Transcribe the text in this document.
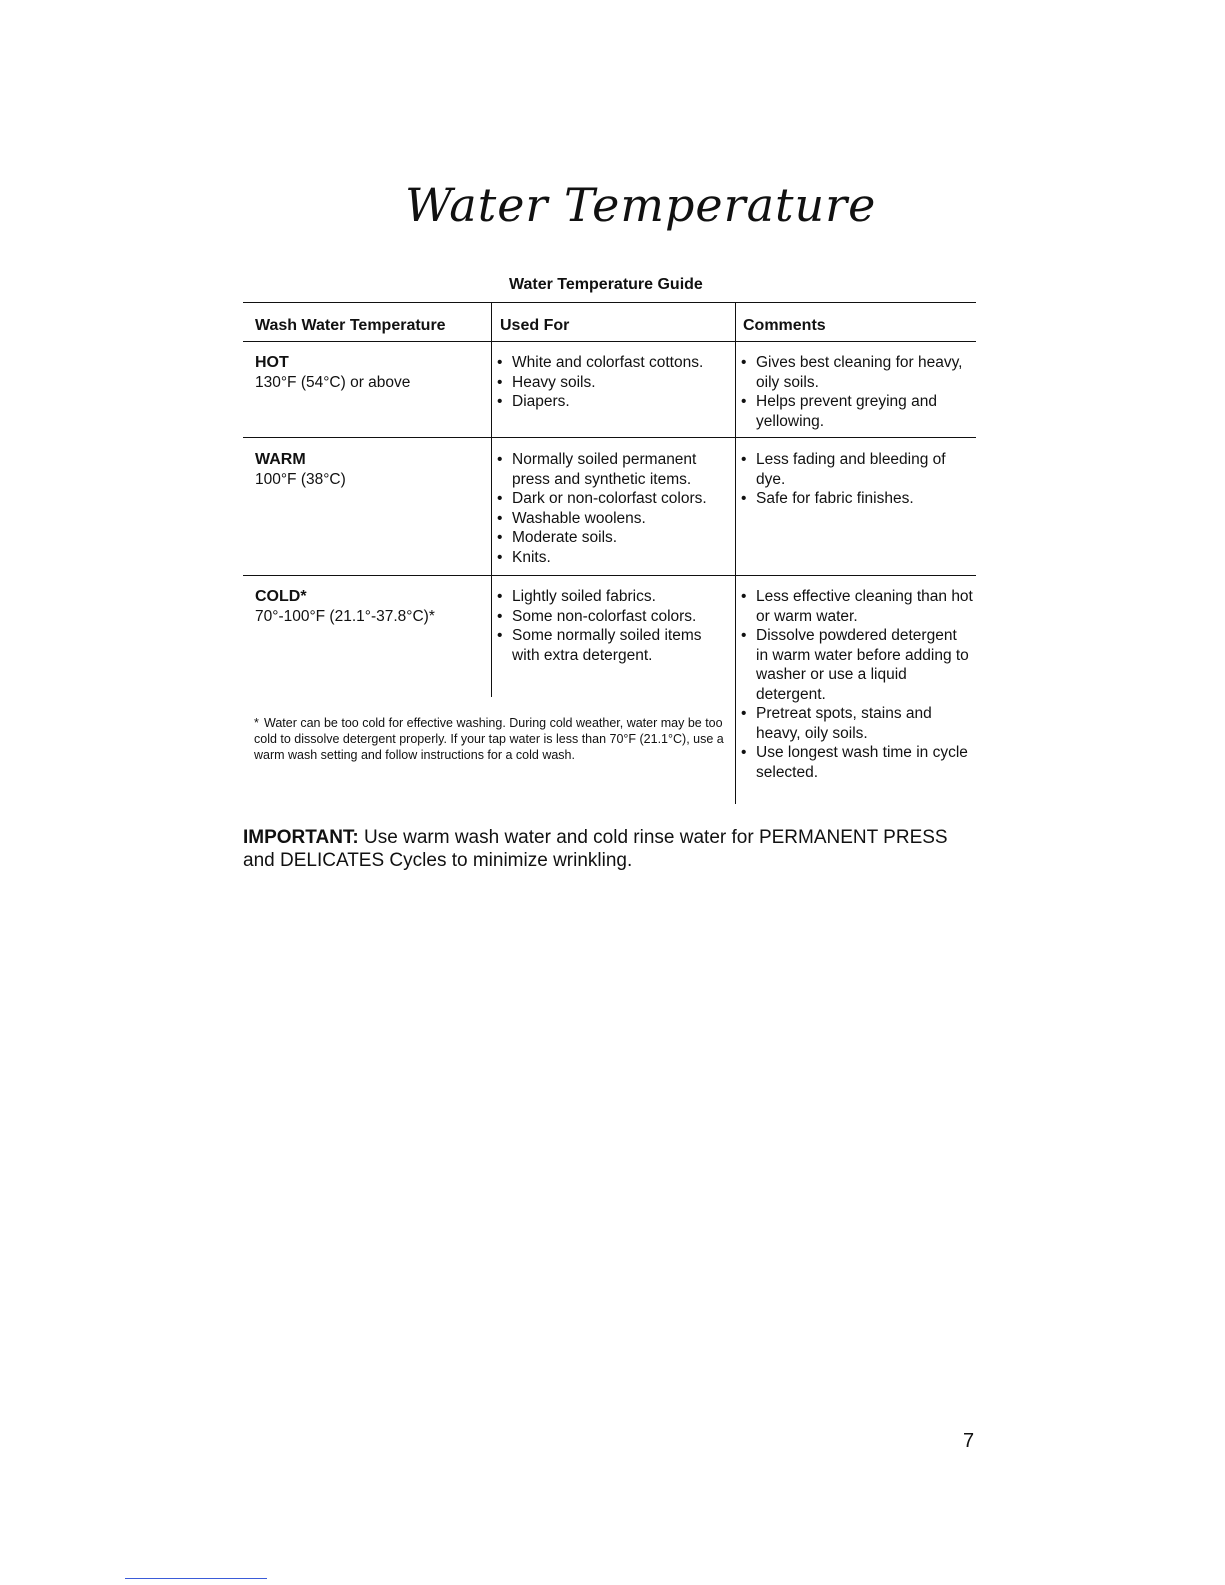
Water Temperature
Water Temperature Guide
Wash Water Temperature	Used For	Comments
HOT
130°F (54°C) or above
• White and colorfast cottons.
• Heavy soils.
• Diapers.
• Gives best cleaning for heavy, oily soils.
• Helps prevent greying and yellowing.
WARM
100°F (38°C)
• Normally soiled permanent press and synthetic items.
• Dark or non-colorfast colors.
• Washable woolens.
• Moderate soils.
• Knits.
• Less fading and bleeding of dye.
• Safe for fabric finishes.
COLD*
70°-100°F (21.1°-37.8°C)*
• Lightly soiled fabrics.
• Some non-colorfast colors.
• Some normally soiled items with extra detergent.
• Less effective cleaning than hot or warm water.
• Dissolve powdered detergent in warm water before adding to washer or use a liquid detergent.
• Pretreat spots, stains and heavy, oily soils.
• Use longest wash time in cycle selected.
* Water can be too cold for effective washing. During cold weather, water may be too cold to dissolve detergent properly. If your tap water is less than 70°F (21.1°C), use a warm wash setting and follow instructions for a cold wash.
IMPORTANT: Use warm wash water and cold rinse water for PERMANENT PRESS and DELICATES Cycles to minimize wrinkling.
7
